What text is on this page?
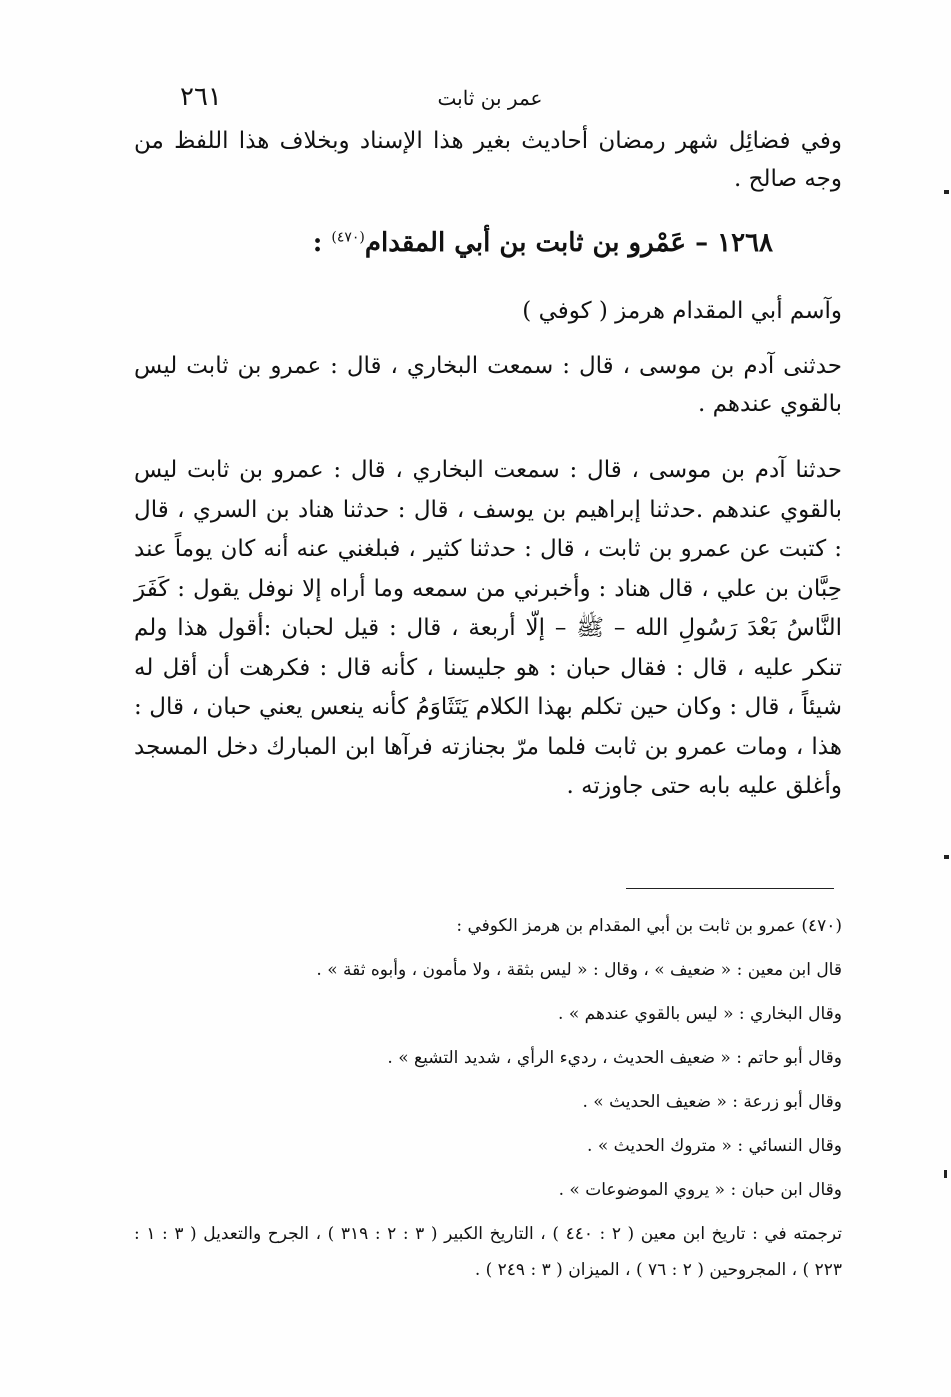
٢٦١	عمر بن ثابت
وفي فضائِل شهر رمضان أحاديث بغير هذا الإسناد وبخلاف هذا اللفظ من وجه صالح .
١٢٦٨ – عَمْرو بن ثابت بن أبي المقدام$^{(٤٧٠)}$ :
وآسم أبي المقدام هرمز ( كوفي )
حدثنى آدم بن موسى ، قال : سمعت البخاري ، قال : عمرو بن ثابت ليس بالقوي عندهم .
حدثنا آدم بن موسى ، قال : سمعت البخاري ، قال : عمرو بن ثابت ليس بالقوي عندهم .حدثنا إبراهيم بن يوسف ، قال : حدثنا هناد بن السري ، قال : كتبت عن عمرو بن ثابت ، قال : حدثنا كثير ، فبلغني عنه أنه كان يوماً عند حِبَّان بن علي ، قال هناد : وأخبرني من سمعه وما أراه إلا نوفل يقول : كَفَرَ النَّاسُ بَعْدَ رَسُولِ الله – ﷺ – إلّا أربعة ، قال : قيل لحبان :أقول هذا ولم تنكر عليه ، قال : فقال حبان : هو جليسنا ، كأنه قال : فكرهت أن أقل له شيئاً ، قال : وكان حين تكلم بهذا الكلام يَتَثَاوَمُ كأنه ينعس يعني حبان ، قال : هذا ، ومات عمرو بن ثابت فلما مرّ بجنازته فرآها ابن المبارك دخل المسجد وأغلق عليه بابه حتى جاوزته .
(٤٧٠) عمرو بن ثابت بن أبي المقدام بن هرمز الكوفي :
قال ابن معين : « ضعيف » ، وقال : « ليس بثقة ، ولا مأمون ، وأبوه ثقة » .
وقال البخاري : « ليس بالقوي عندهم » .
وقال أبو حاتم : « ضعيف الحديث ، رديء الرأي ، شديد التشيع » .
وقال أبو زرعة : « ضعيف الحديث » .
وقال النسائي : « متروك الحديث » .
وقال ابن حبان : « يروي الموضوعات » .
ترجمته في : تاريخ ابن معين ( ٢ : ٤٤٠ ) ، التاريخ الكبير ( ٣ : ٢ : ٣١٩ ) ، الجرح والتعديل ( ٣ : ١ : ٢٢٣ ) ، المجروحين ( ٢ : ٧٦ ) ، الميزان ( ٣ : ٢٤٩ ) .
